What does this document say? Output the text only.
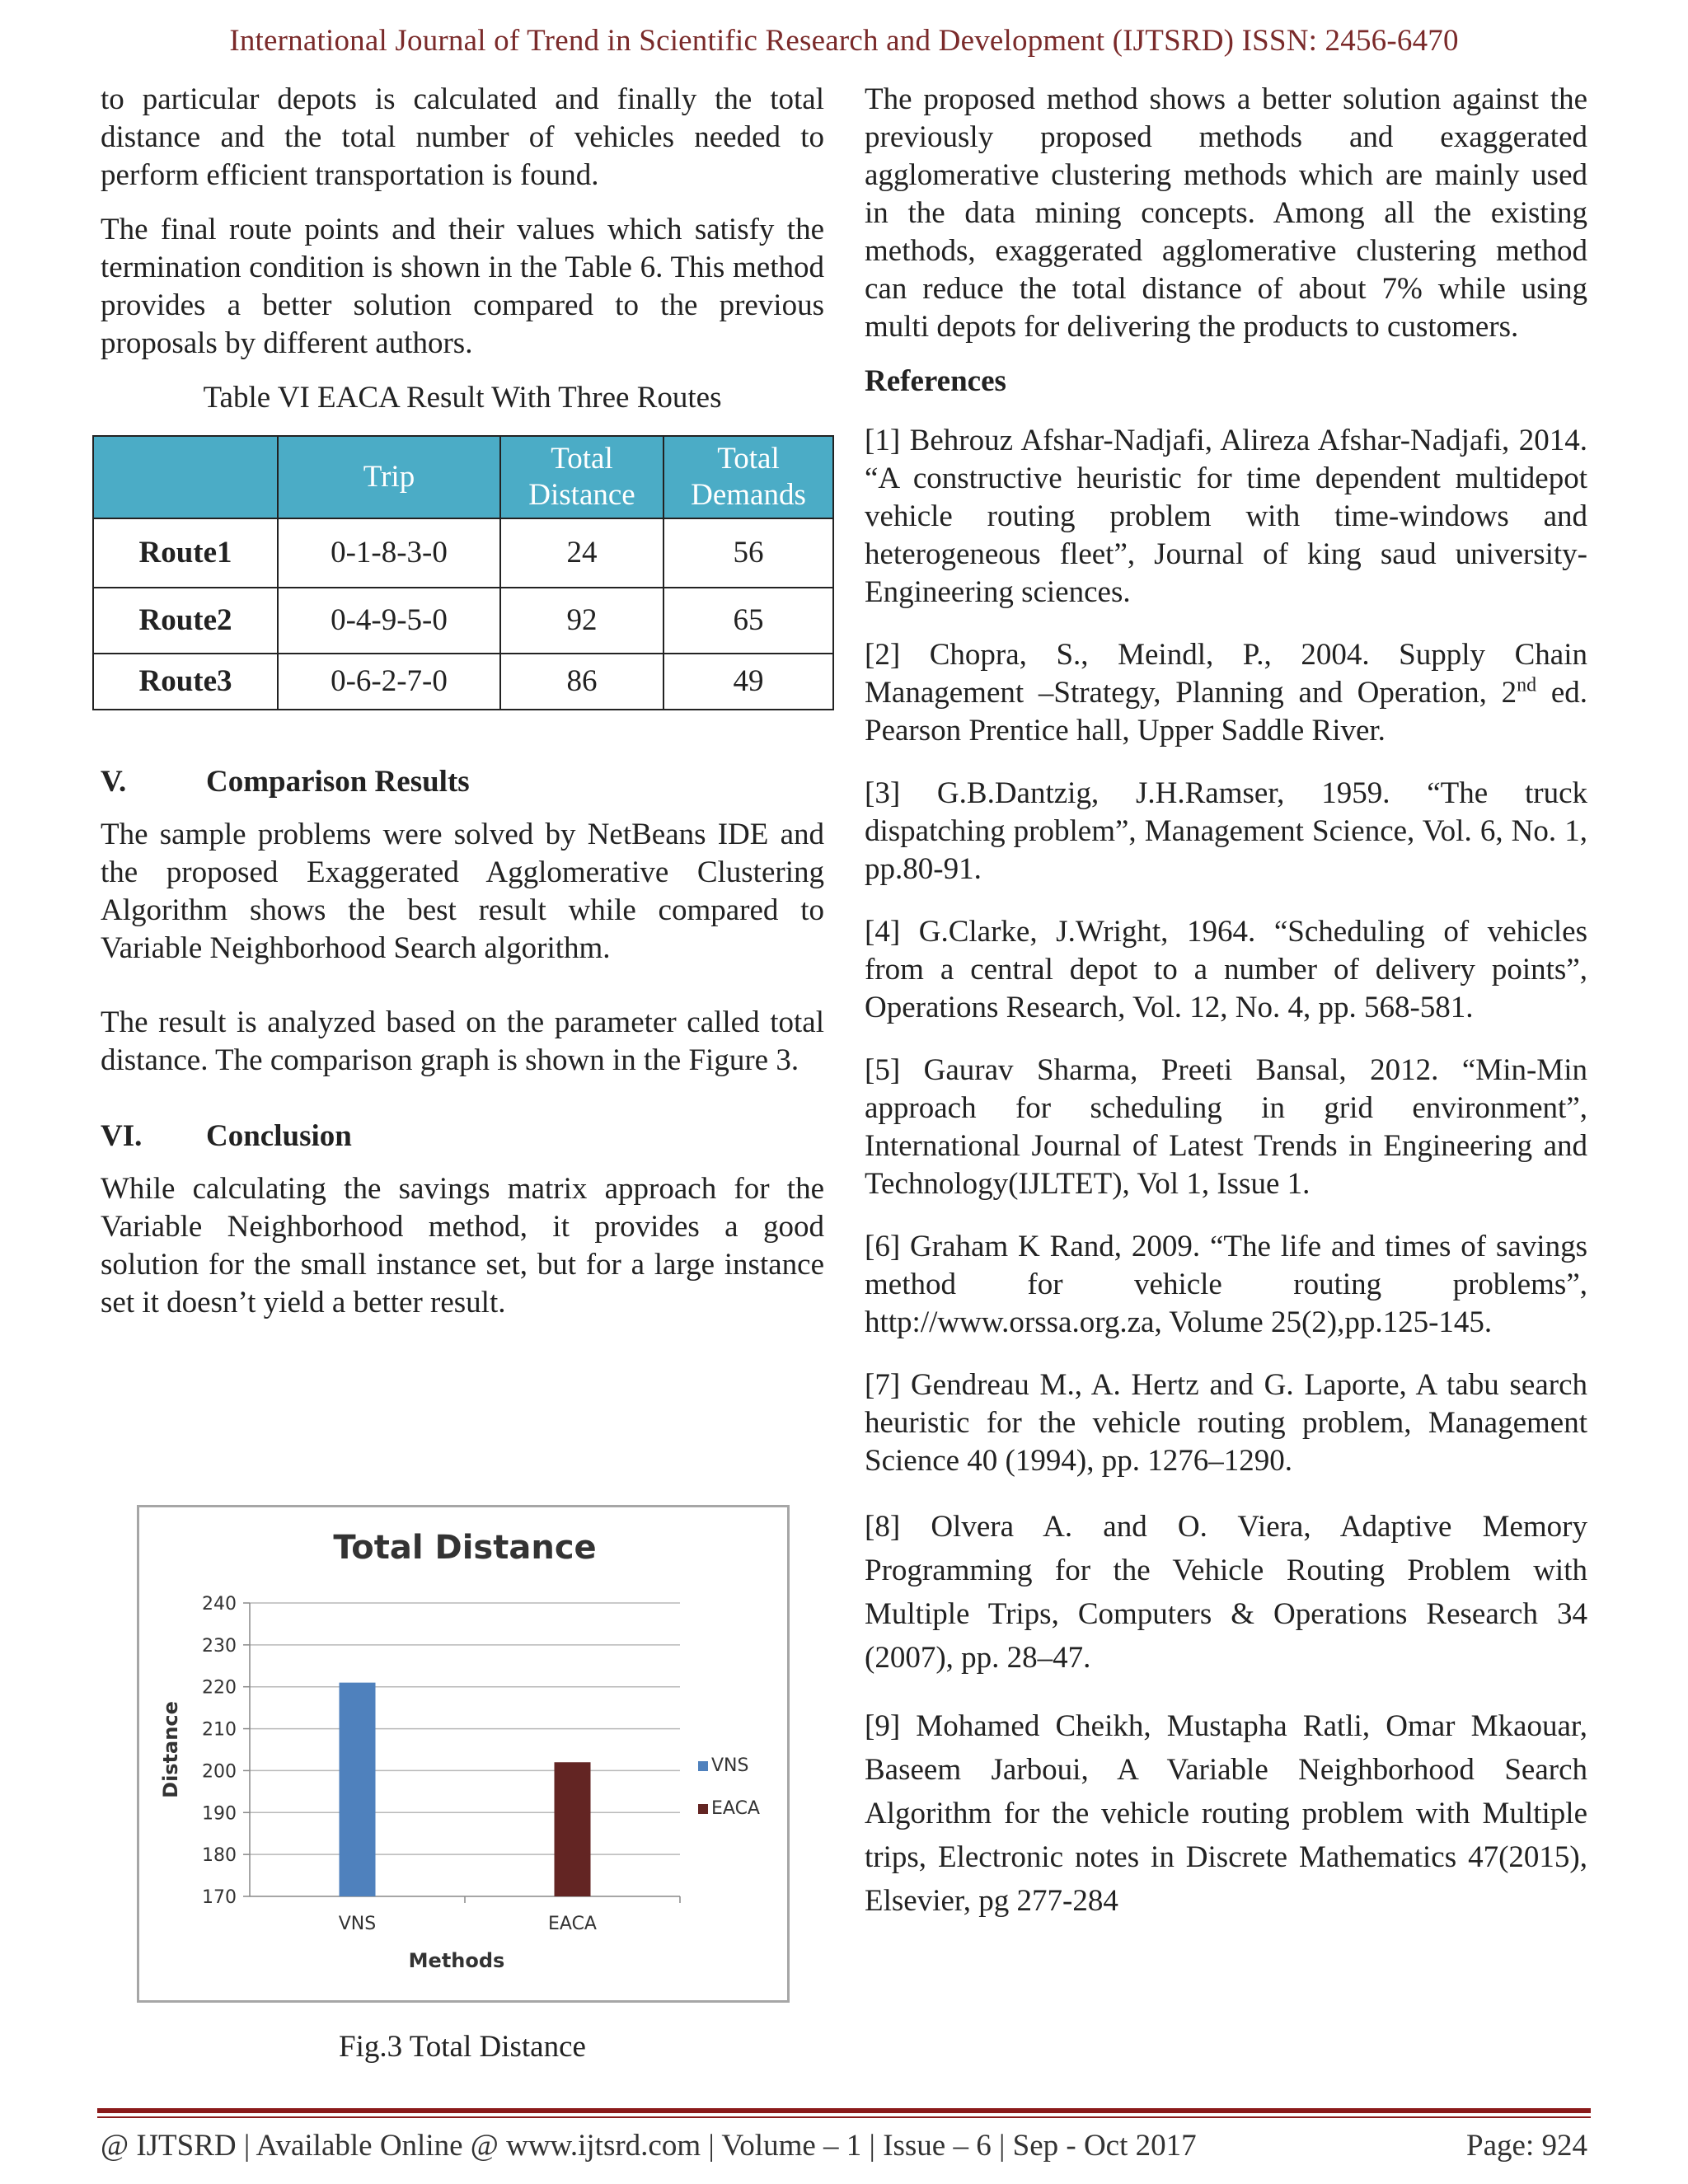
International Journal of Trend in Scientific Research and Development (IJTSRD) ISSN: 2456-6470

to particular depots is calculated and finally the total distance and the total number of vehicles needed to perform efficient transportation is found.

The final route points and their values which satisfy the termination condition is shown in the Table 6. This method provides a better solution compared to the previous proposals by different authors.

Table VI EACA Result With Three Routes
	Trip	Total Distance	Total Demands
Route1	0-1-8-3-0	24	56
Route2	0-4-9-5-0	92	65
Route3	0-6-2-7-0	86	49
V.	Comparison Results

The sample problems were solved by NetBeans IDE and the proposed Exaggerated Agglomerative Clustering Algorithm shows the best result while compared to Variable Neighborhood Search algorithm.

The result is analyzed based on the parameter called total distance. The comparison graph is shown in the Figure 3.

VI. Conclusion

While calculating the savings matrix approach for the Variable Neighborhood method, it provides a good solution for the small instance set, but for a large instance set it doesn’t yield a better result.

Total Distance
170
180
190
200
210
220
230
240
VNS	EACA
Methods
Distance	VNS
EACA
Fig.3 Total Distance

The proposed method shows a better solution against the previously proposed methods and exaggerated agglomerative clustering methods which are mainly used in the data mining concepts. Among all the existing methods, exaggerated agglomerative clustering method can reduce the total distance of about 7% while using multi depots for delivering the products to customers.

References

[1] Behrouz Afshar-Nadjafi, Alireza Afshar-Nadjafi, 2014. “A constructive heuristic for time dependent multidepot vehicle routing problem with time-windows and heterogeneous fleet”, Journal of king saud university-Engineering sciences.

[2] Chopra, S., Meindl, P., 2004. Supply Chain Management –Strategy, Planning and Operation, 2nd ed. Pearson Prentice hall, Upper Saddle River.

[3] G.B.Dantzig, J.H.Ramser, 1959. “The truck dispatching problem”, Management Science, Vol. 6, No. 1, pp.80-91.

[4] G.Clarke, J.Wright, 1964. “Scheduling of vehicles from a central depot to a number of delivery points”, Operations Research, Vol. 12, No. 4, pp. 568-581.

[5] Gaurav Sharma, Preeti Bansal, 2012. “Min-Min approach for scheduling in grid environment”, International Journal of Latest Trends in Engineering and Technology(IJLTET), Vol 1, Issue 1.

[6] Graham K Rand, 2009. “The life and times of savings method for vehicle routing problems”, http://www.orssa.org.za, Volume 25(2),pp.125-145.

[7] Gendreau M., A. Hertz and G. Laporte, A tabu search heuristic for the vehicle routing problem, Management Science 40 (1994), pp. 1276–1290.

[8] Olvera A. and O. Viera, Adaptive Memory Programming for the Vehicle Routing Problem with Multiple Trips, Computers & Operations Research 34 (2007), pp. 28–47.

[9] Mohamed Cheikh, Mustapha Ratli, Omar Mkaouar, Baseem Jarboui, A Variable Neighborhood Search Algorithm for the vehicle routing problem with Multiple trips, Electronic notes in Discrete Mathematics 47(2015), Elsevier, pg 277-284

@ IJTSRD | Available Online @ www.ijtsrd.com | Volume – 1 | Issue – 6 | Sep - Oct 2017	Page: 924
